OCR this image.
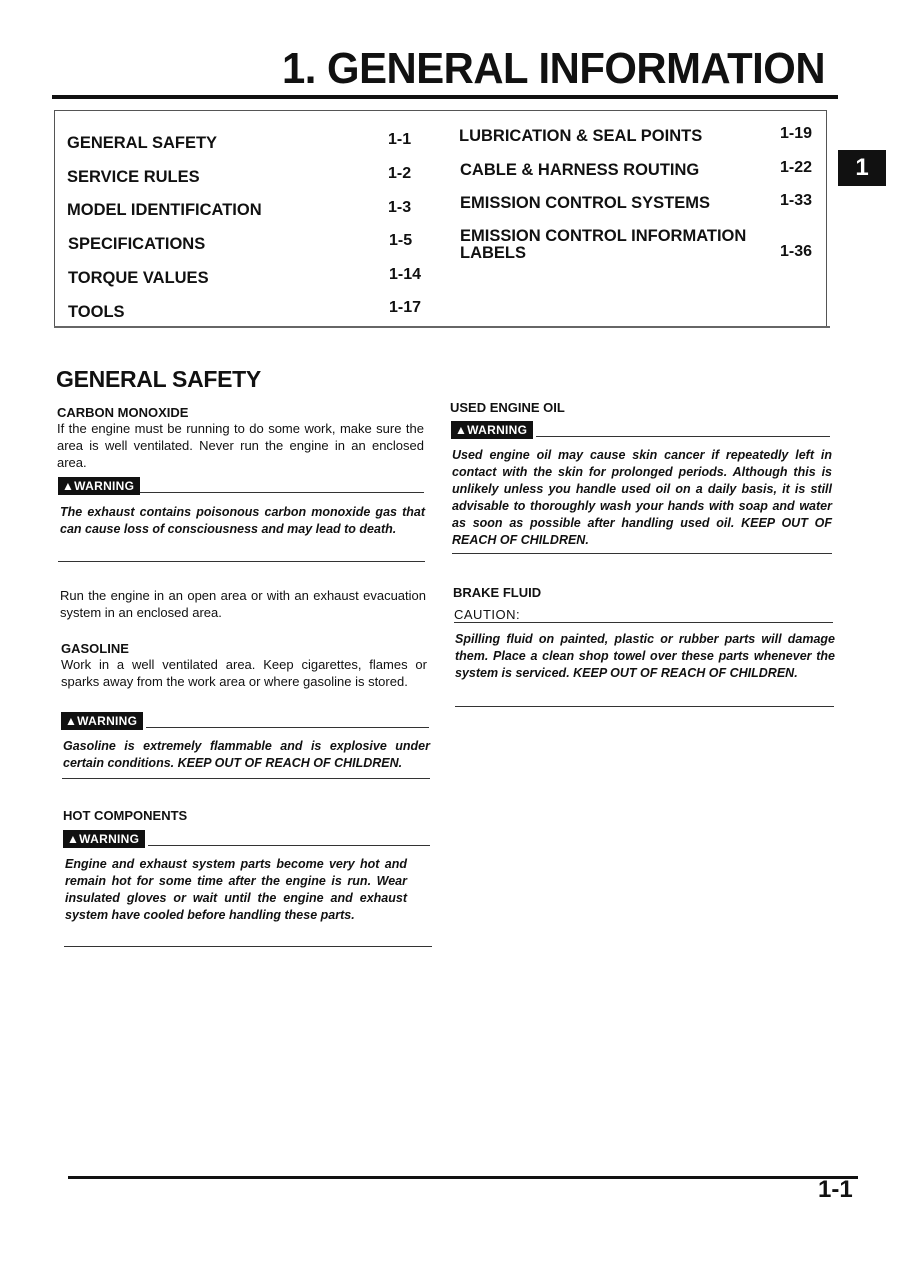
1. GENERAL INFORMATION
GENERAL SAFETY	1-1
SERVICE RULES	1-2
MODEL IDENTIFICATION	1-3
SPECIFICATIONS	1-5
TORQUE VALUES	1-14
TOOLS	1-17
LUBRICATION & SEAL POINTS	1-19
CABLE & HARNESS ROUTING	1-22
EMISSION CONTROL SYSTEMS	1-33
EMISSION CONTROL INFORMATION
LABELS	1-36
1
GENERAL SAFETY
CARBON MONOXIDE
If the engine must be running to do some work, make sure the area is well ventilated. Never run the engine in an enclosed area.
▲WARNING
The exhaust contains poisonous carbon monoxide gas that can cause loss of consciousness and may lead to death.
Run the engine in an open area or with an exhaust evacuation system in an enclosed area.
GASOLINE
Work in a well ventilated area. Keep cigarettes, flames or sparks away from the work area or where gasoline is stored.
▲WARNING
Gasoline is extremely flammable and is explosive under certain conditions. KEEP OUT OF REACH OF CHILDREN.
HOT COMPONENTS
▲WARNING
Engine and exhaust system parts become very hot and remain hot for some time after the engine is run. Wear insulated gloves or wait until the engine and exhaust system have cooled before handling these parts.
USED ENGINE OIL
▲WARNING
Used engine oil may cause skin cancer if repeatedly left in contact with the skin for prolonged periods. Although this is unlikely unless you handle used oil on a daily basis, it is still advisable to thoroughly wash your hands with soap and water as soon as possible after handling used oil. KEEP OUT OF REACH OF CHILDREN.
BRAKE FLUID
CAUTION:
Spilling fluid on painted, plastic or rubber parts will damage them. Place a clean shop towel over these parts whenever the system is serviced. KEEP OUT OF REACH OF CHILDREN.
1-1
